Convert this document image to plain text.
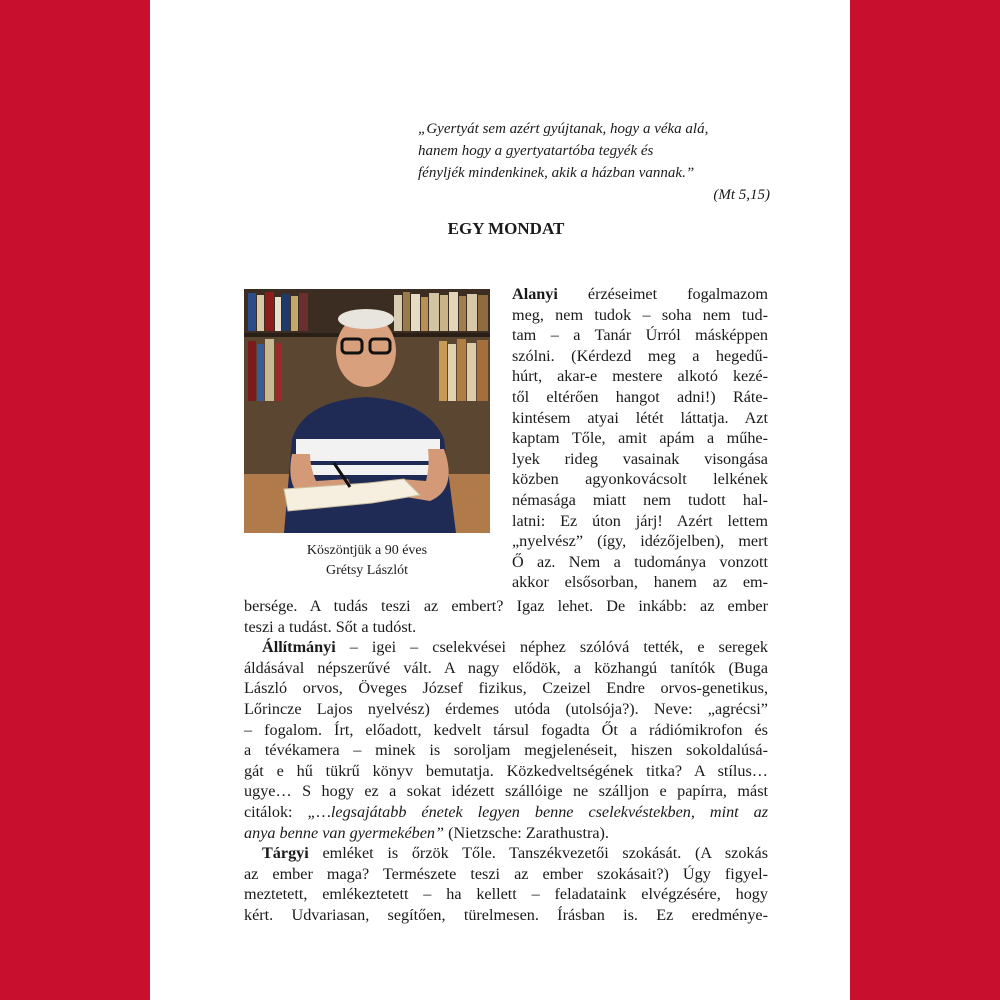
„Gyertyát sem azért gyújtanak, hogy a véka alá,
hanem hogy a gyertyatartóba tegyék és
fényljék mindenkinek, akik a házban vannak.”
(Mt 5,15)
EGY MONDAT
Köszöntjük a 90 éves
Grétsy Lászlót
Alanyi érzéseimet fogalmazom
meg, nem tudok – soha nem tud-
tam – a Tanár Úrról másképpen
szólni. (Kérdezd meg a hegedű-
húrt, akar-e mestere alkotó kezé-
től eltérően hangot adni!) Ráte-
kintésem atyai létét láttatja. Azt
kaptam Tőle, amit apám a műhe-
lyek rideg vasainak visongása
közben agyonkovácsolt lelkének
némasága miatt nem tudott hal-
latni: Ez úton járj! Azért lettem
„nyelvész” (így, idézőjelben), mert
Ő az. Nem a tudománya vonzott
akkor elsősorban, hanem az em-
bersége. A tudás teszi az embert? Igaz lehet. De inkább: az ember
teszi a tudást. Sőt a tudóst.
Állítmányi – igei – cselekvései néphez szólóvá tették, e seregek
áldásával népszerűvé vált. A nagy elődök, a közhangú tanítók (Buga
László orvos, Öveges József fizikus, Czeizel Endre orvos-genetikus,
Lőrincze Lajos nyelvész) érdemes utóda (utolsója?). Neve: „agrécsi”
– fogalom. Írt, előadott, kedvelt társul fogadta Őt a rádiómikrofon és
a tévékamera – minek is soroljam megjelenéseit, hiszen sokoldalúsá-
gát e hű tükrű könyv bemutatja. Közkedveltségének titka? A stílus…
ugye… S hogy ez a sokat idézett szállóige ne szálljon e papírra, mást
citálok: „…legsajátabb énetek legyen benne cselekvéstekben, mint az
anya benne van gyermekében” (Nietzsche: Zarathustra).
Tárgyi emléket is őrzök Tőle. Tanszékvezetői szokását. (A szokás
az ember maga? Természete teszi az ember szokásait?) Úgy figyel-
meztetett, emlékeztetett – ha kellett – feladataink elvégzésére, hogy
kért. Udvariasan, segítően, türelmesen. Írásban is. Ez eredménye-
